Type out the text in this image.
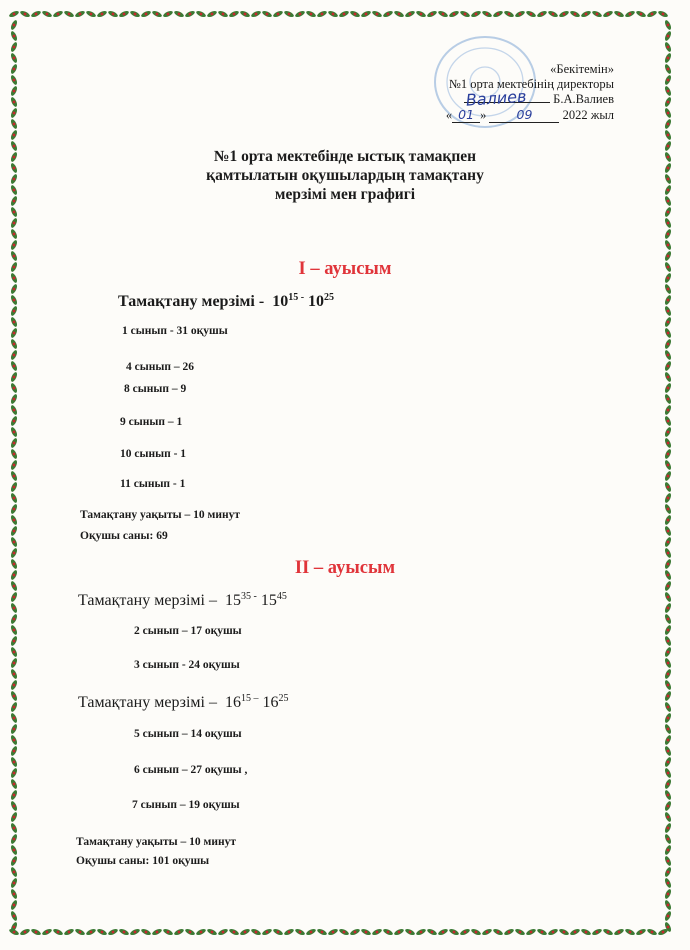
«Бекітемін»
№1 орта мектебінің директоры
Б.А.Валиев
« 01 » 09 2022 жыл
Валиев
№1 орта мектебінде ыстық тамақпен
қамтылатын оқушылардың тамақтану
мерзімі мен графигі
І – ауысым
Тамақтану мерзімі - $10^{15 -}$ $10^{25}$
1 сынып - 31 оқушы
4 сынып – 26
8 сынып – 9
9 сынып – 1
10 сынып - 1
11 сынып - 1
Тамақтану уақыты – 10 минут
Оқушы саны: 69
ІІ – ауысым
Тамақтану мерзімі – $15^{35 -}$ $15^{45}$
2 сынып – 17 оқушы
3 сынып - 24 оқушы
Тамақтану мерзімі – $16^{15 -}$ $16^{25}$
5 сынып – 14 оқушы
6 сынып – 27 оқушы ,
7 сынып – 19 оқушы
Тамақтану уақыты – 10 минут
Оқушы саны: 101 оқушы
